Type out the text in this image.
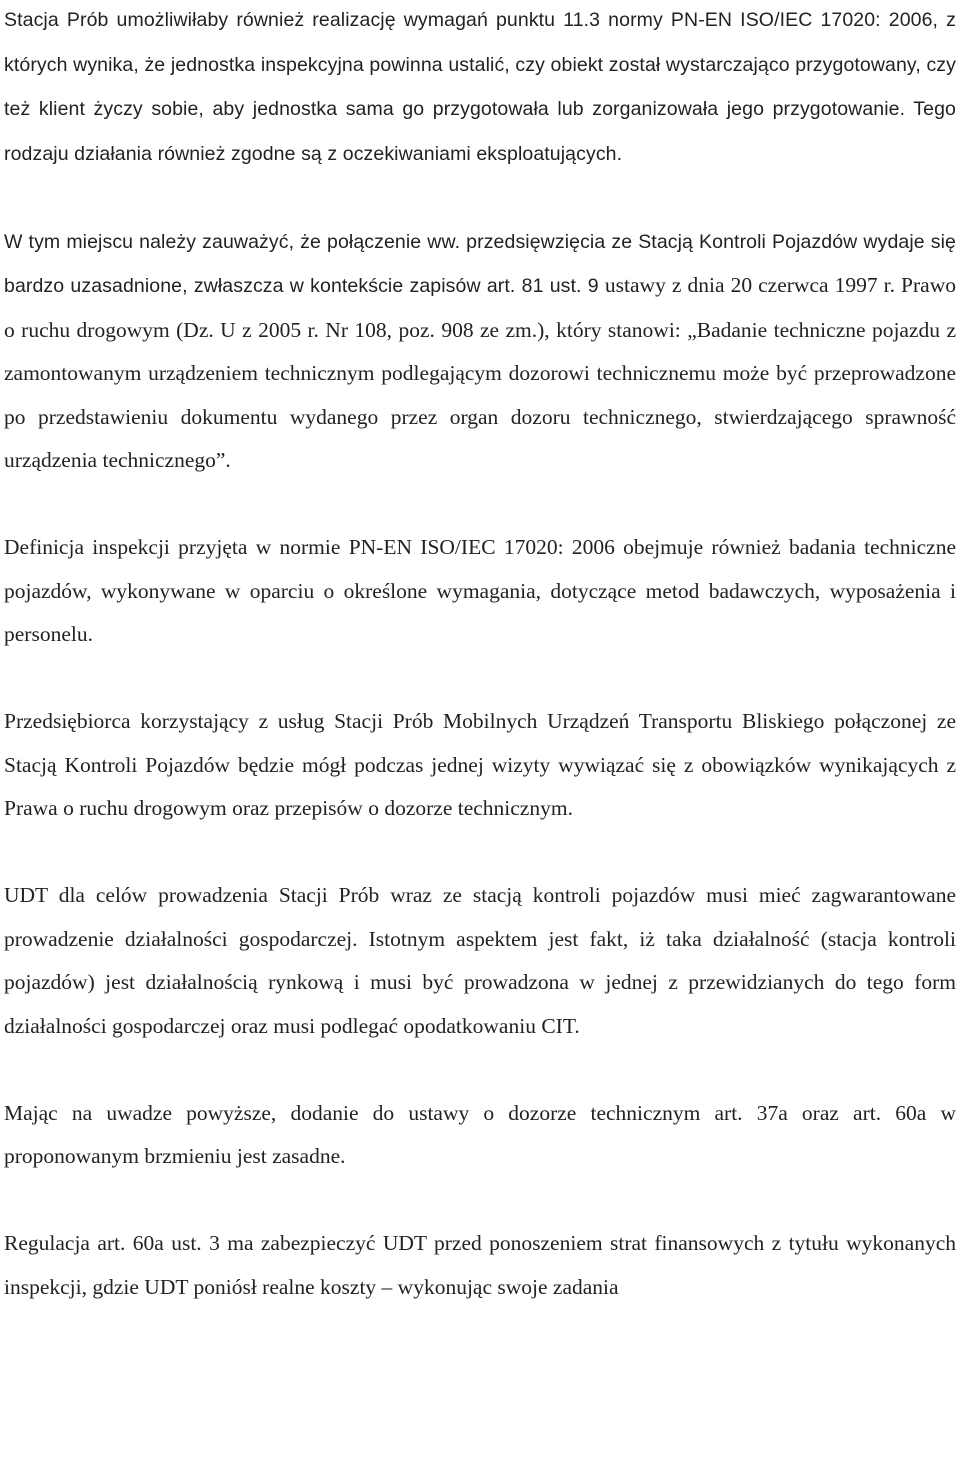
Stacja Prób umożliwiłaby również realizację wymagań punktu 11.3 normy PN-EN ISO/IEC 17020: 2006, z których wynika, że jednostka inspekcyjna powinna ustalić, czy obiekt został wystarczająco przygotowany, czy też klient życzy sobie, aby jednostka sama go przygotowała lub zorganizowała jego przygotowanie. Tego rodzaju działania również zgodne są z oczekiwaniami eksploatujących.

W tym miejscu należy zauważyć, że połączenie ww. przedsięwzięcia ze Stacją Kontroli Pojazdów wydaje się bardzo uzasadnione, zwłaszcza w kontekście zapisów art. 81 ust. 9 ustawy z dnia 20 czerwca 1997 r. Prawo o ruchu drogowym (Dz. U z 2005 r. Nr 108, poz. 908 ze zm.), który stanowi: „Badanie techniczne pojazdu z zamontowanym urządzeniem technicznym podlegającym dozorowi technicznemu może być przeprowadzone po przedstawieniu dokumentu wydanego przez organ dozoru technicznego, stwierdzającego sprawność urządzenia technicznego”.

Definicja inspekcji przyjęta w normie PN-EN ISO/IEC 17020: 2006 obejmuje również badania techniczne pojazdów, wykonywane w oparciu o określone wymagania, dotyczące metod badawczych, wyposażenia i personelu.

Przedsiębiorca korzystający z usług Stacji Prób Mobilnych Urządzeń Transportu Bliskiego połączonej ze Stacją Kontroli Pojazdów będzie mógł podczas jednej wizyty wywiązać się z obowiązków wynikających z Prawa o ruchu drogowym oraz przepisów o dozorze technicznym.

UDT dla celów prowadzenia Stacji Prób wraz ze stacją kontroli pojazdów musi mieć zagwarantowane prowadzenie działalności gospodarczej. Istotnym aspektem jest fakt, iż taka działalność (stacja kontroli pojazdów) jest działalnością rynkową i musi być prowadzona w jednej z przewidzianych do tego form działalności gospodarczej oraz musi podlegać opodatkowaniu CIT.

Mając na uwadze powyższe, dodanie do ustawy o dozorze technicznym art. 37a oraz art. 60a w proponowanym brzmieniu jest zasadne.

Regulacja art. 60a ust. 3 ma zabezpieczyć UDT przed ponoszeniem strat finansowych z tytułu wykonanych inspekcji, gdzie UDT poniósł realne koszty – wykonując swoje zadania
